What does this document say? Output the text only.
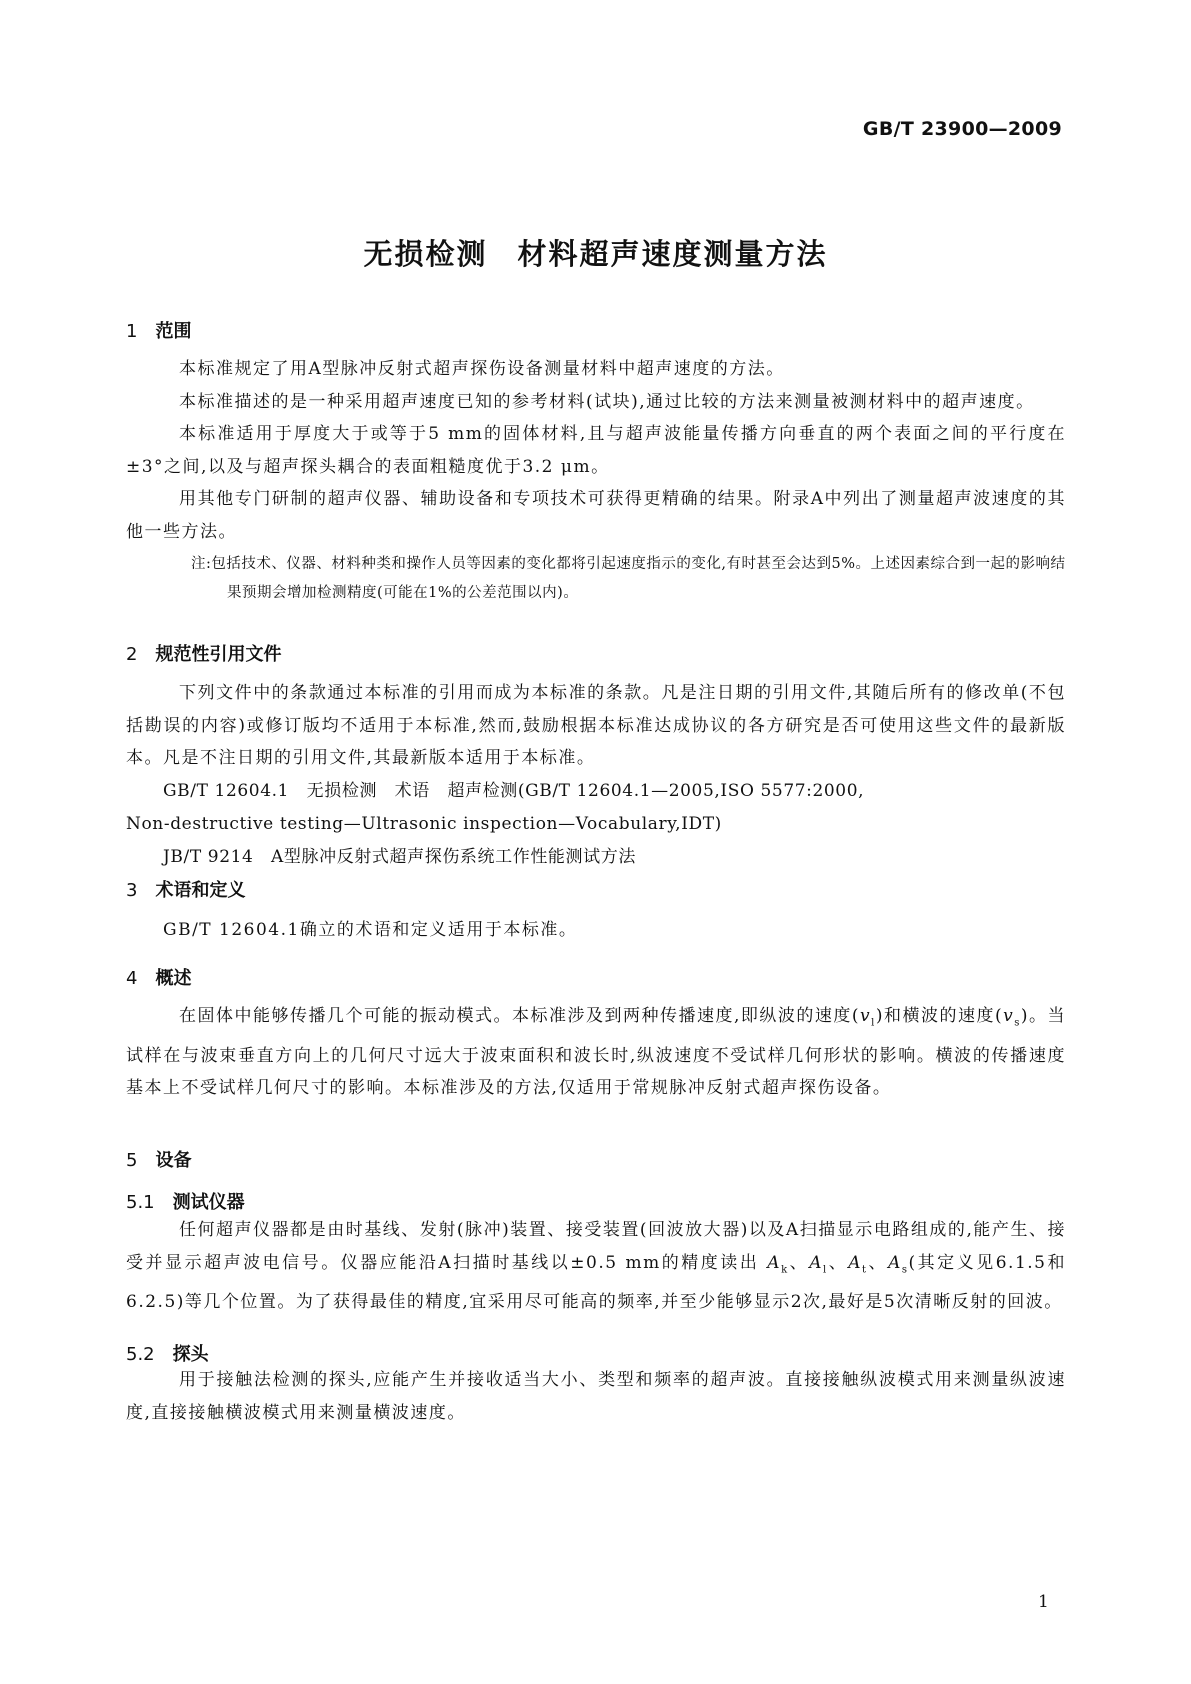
GB/T 23900—2009
无损检测 材料超声速度测量方法
1 范围
本标准规定了用A型脉冲反射式超声探伤设备测量材料中超声速度的方法。
本标准描述的是一种采用超声速度已知的参考材料(试块),通过比较的方法来测量被测材料中的超声速度。
本标准适用于厚度大于或等于5 mm的固体材料,且与超声波能量传播方向垂直的两个表面之间的平行度在±3°之间,以及与超声探头耦合的表面粗糙度优于3.2 μm。
用其他专门研制的超声仪器、辅助设备和专项技术可获得更精确的结果。附录A中列出了测量超声波速度的其他一些方法。
注:包括技术、仪器、材料种类和操作人员等因素的变化都将引起速度指示的变化,有时甚至会达到5%。上述因素综合到一起的影响结果预期会增加检测精度(可能在1%的公差范围以内)。
2 规范性引用文件
下列文件中的条款通过本标准的引用而成为本标准的条款。凡是注日期的引用文件,其随后所有的修改单(不包括勘误的内容)或修订版均不适用于本标准,然而,鼓励根据本标准达成协议的各方研究是否可使用这些文件的最新版本。凡是不注日期的引用文件,其最新版本适用于本标准。
GB/T 12604.1　无损检测　术语　超声检测(GB/T 12604.1—2005,ISO 5577:2000,
Non-destructive testing—Ultrasonic inspection—Vocabulary,IDT)
JB/T 9214　A型脉冲反射式超声探伤系统工作性能测试方法
3 术语和定义
GB/T 12604.1确立的术语和定义适用于本标准。
4 概述
在固体中能够传播几个可能的振动模式。本标准涉及到两种传播速度,即纵波的速度$(v_l)$和横波的速度$(v_s)$。当试样在与波束垂直方向上的几何尺寸远大于波束面积和波长时,纵波速度不受试样几何形状的影响。横波的传播速度基本上不受试样几何尺寸的影响。本标准涉及的方法,仅适用于常规脉冲反射式超声探伤设备。
5 设备
5.1 测试仪器
任何超声仪器都是由时基线、发射(脉冲)装置、接受装置(回波放大器)以及A扫描显示电路组成的,能产生、接受并显示超声波电信号。仪器应能沿A扫描时基线以±0.5 mm的精度读出 $A_k$、$A_l$、$A_t$、$A_s$(其定义见6.1.5和6.2.5)等几个位置。为了获得最佳的精度,宜采用尽可能高的频率,并至少能够显示2次,最好是5次清晰反射的回波。
5.2 探头
用于接触法检测的探头,应能产生并接收适当大小、类型和频率的超声波。直接接触纵波模式用来测量纵波速度,直接接触横波模式用来测量横波速度。
1
